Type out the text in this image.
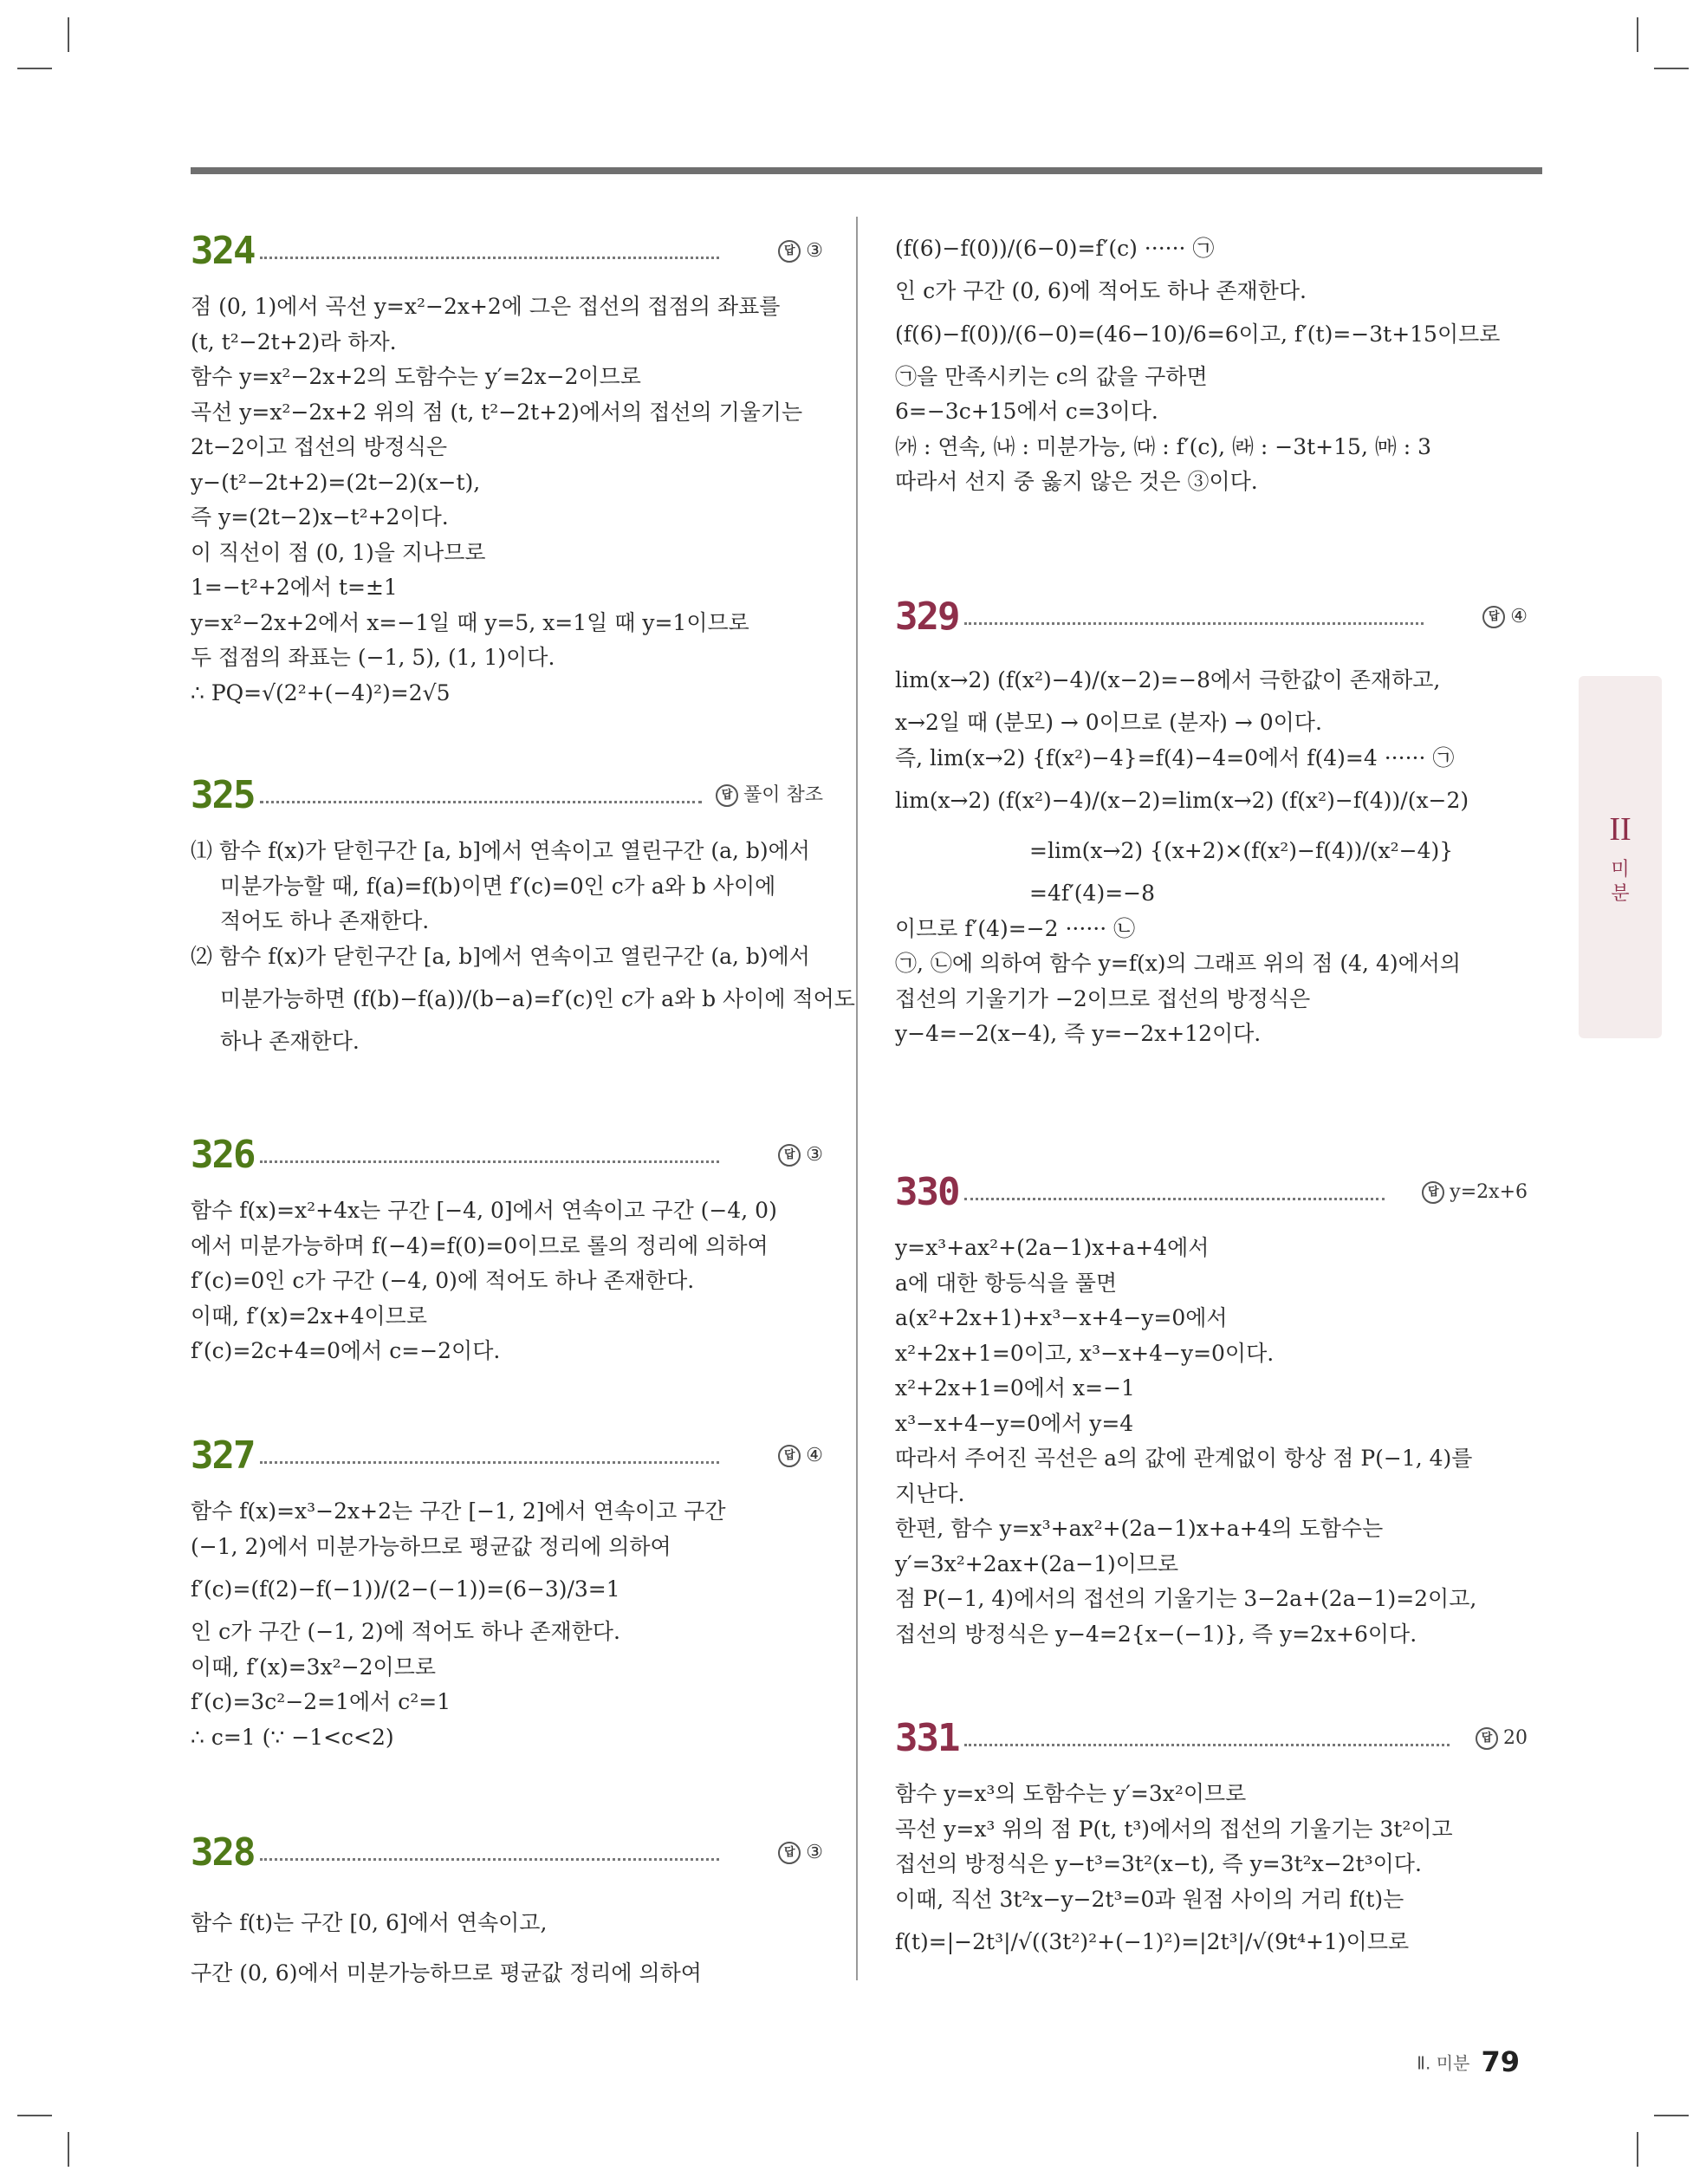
324	답 ③
점 (0, 1)에서 곡선 y=x²−2x+2에 그은 접선의 접점의 좌표를
(t, t²−2t+2)라 하자.
함수 y=x²−2x+2의 도함수는 y′=2x−2이므로
곡선 y=x²−2x+2 위의 점 (t, t²−2t+2)에서의 접선의 기울기는
2t−2이고 접선의 방정식은
y−(t²−2t+2)=(2t−2)(x−t),
즉 y=(2t−2)x−t²+2이다.
이 직선이 점 (0, 1)을 지나므로
1=−t²+2에서 t=±1
y=x²−2x+2에서 x=−1일 때 y=5, x=1일 때 y=1이므로
두 접점의 좌표는 (−1, 5), (1, 1)이다.
∴ PQ=√(2²+(−4)²)=2√5
325	답 풀이 참조
⑴ 함수 f(x)가 닫힌구간 [a, b]에서 연속이고 열린구간 (a, b)에서
미분가능할 때, f(a)=f(b)이면 f′(c)=0인 c가 a와 b 사이에
적어도 하나 존재한다.
⑵ 함수 f(x)가 닫힌구간 [a, b]에서 연속이고 열린구간 (a, b)에서
미분가능하면 (f(b)−f(a))/(b−a)=f′(c)인 c가 a와 b 사이에 적어도
하나 존재한다.
326	답 ③
함수 f(x)=x²+4x는 구간 [−4, 0]에서 연속이고 구간 (−4, 0)
에서 미분가능하며 f(−4)=f(0)=0이므로 롤의 정리에 의하여
f′(c)=0인 c가 구간 (−4, 0)에 적어도 하나 존재한다.
이때, f′(x)=2x+4이므로
f′(c)=2c+4=0에서 c=−2이다.
327	답 ④
함수 f(x)=x³−2x+2는 구간 [−1, 2]에서 연속이고 구간
(−1, 2)에서 미분가능하므로 평균값 정리에 의하여
f′(c)=(f(2)−f(−1))/(2−(−1))=(6−3)/3=1
인 c가 구간 (−1, 2)에 적어도 하나 존재한다.
이때, f′(x)=3x²−2이므로
f′(c)=3c²−2=1에서 c²=1
∴ c=1 (∵ −1<c<2)
328	답 ③
함수 f(t)는 구간 [0, 6]에서 연속이고,
구간 (0, 6)에서 미분가능하므로 평균값 정리에 의하여
(f(6)−f(0))/(6−0)=f′(c) ······ ㉠
인 c가 구간 (0, 6)에 적어도 하나 존재한다.
(f(6)−f(0))/(6−0)=(46−10)/6=6이고, f′(t)=−3t+15이므로
㉠을 만족시키는 c의 값을 구하면
6=−3c+15에서 c=3이다.
㈎ : 연속, ㈏ : 미분가능, ㈐ : f′(c), ㈑ : −3t+15, ㈒ : 3
따라서 선지 중 옳지 않은 것은 ③이다.
329	답 ④
lim(x→2) (f(x²)−4)/(x−2)=−8에서 극한값이 존재하고,
x→2일 때 (분모) → 0이므로 (분자) → 0이다.
즉, lim(x→2) {f(x²)−4}=f(4)−4=0에서 f(4)=4 ······ ㉠
lim(x→2) (f(x²)−4)/(x−2)=lim(x→2) (f(x²)−f(4))/(x−2)
=lim(x→2) {(x+2)×(f(x²)−f(4))/(x²−4)}
=4f′(4)=−8
이므로 f′(4)=−2 ······ ㉡
㉠, ㉡에 의하여 함수 y=f(x)의 그래프 위의 점 (4, 4)에서의
접선의 기울기가 −2이므로 접선의 방정식은
y−4=−2(x−4), 즉 y=−2x+12이다.
330	답 y=2x+6
y=x³+ax²+(2a−1)x+a+4에서
a에 대한 항등식을 풀면
a(x²+2x+1)+x³−x+4−y=0에서
x²+2x+1=0이고, x³−x+4−y=0이다.
x²+2x+1=0에서 x=−1
x³−x+4−y=0에서 y=4
따라서 주어진 곡선은 a의 값에 관계없이 항상 점 P(−1, 4)를
지난다.
한편, 함수 y=x³+ax²+(2a−1)x+a+4의 도함수는
y′=3x²+2ax+(2a−1)이므로
점 P(−1, 4)에서의 접선의 기울기는 3−2a+(2a−1)=2이고,
접선의 방정식은 y−4=2{x−(−1)}, 즉 y=2x+6이다.
331	답 20
함수 y=x³의 도함수는 y′=3x²이므로
곡선 y=x³ 위의 점 P(t, t³)에서의 접선의 기울기는 3t²이고
접선의 방정식은 y−t³=3t²(x−t), 즉 y=3t²x−2t³이다.
이때, 직선 3t²x−y−2t³=0과 원점 사이의 거리 f(t)는
f(t)=|−2t³|/√((3t²)²+(−1)²)=|2t³|/√(9t⁴+1)이므로
II
미
분
Ⅱ. 미분 79
